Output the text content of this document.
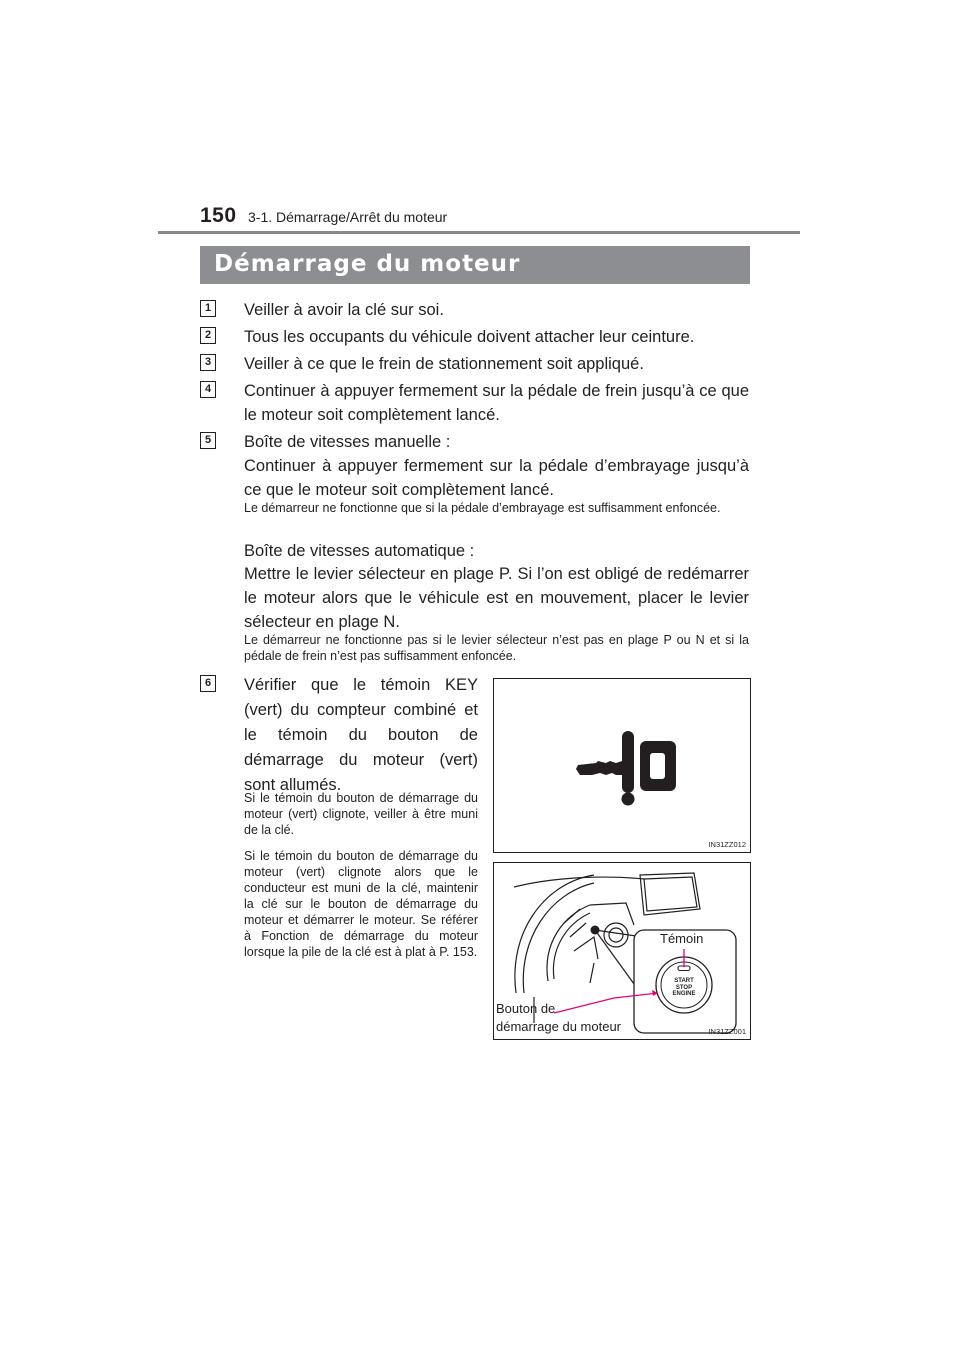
150 3-1. Démarrage/Arrêt du moteur
Démarrage du moteur
1 Veiller à avoir la clé sur soi.
2 Tous les occupants du véhicule doivent attacher leur ceinture.
3 Veiller à ce que le frein de stationnement soit appliqué.
4 Continuer à appuyer fermement sur la pédale de frein jusqu’à ce que le moteur soit complètement lancé.
5 Boîte de vitesses manuelle :
Continuer à appuyer fermement sur la pédale d’embrayage jusqu’à ce que le moteur soit complètement lancé.
Le démarreur ne fonctionne que si la pédale d’embrayage est suffisamment enfoncée.
Boîte de vitesses automatique :
Mettre le levier sélecteur en plage P. Si l’on est obligé de redémarrer le moteur alors que le véhicule est en mouvement, placer le levier sélecteur en plage N.
Le démarreur ne fonctionne pas si le levier sélecteur n’est pas en plage P ou N et si la pédale de frein n’est pas suffisamment enfoncée.
6 Vérifier que le témoin KEY (vert) du compteur combiné et le témoin du bouton de démarrage du moteur (vert) sont allumés.
Si le témoin du bouton de démarrage du moteur (vert) clignote, veiller à être muni de la clé.
Si le témoin du bouton de démarrage du moteur (vert) clignote alors que le conducteur est muni de la clé, maintenir la clé sur le bouton de démarrage du moteur et démarrer le moteur. Se référer à Fonction de démarrage du moteur lorsque la pile de la clé est à plat à P. 153.
IN31ZZ012
START
STOP
ENGINE
Témoin
Bouton de
démarrage du moteur	IN31ZZ001
